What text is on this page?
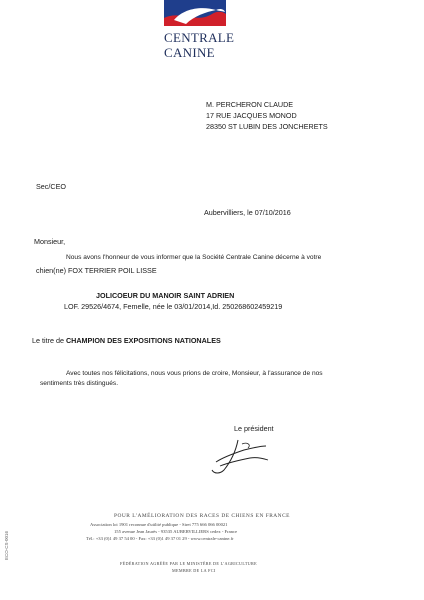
CENTRALE
CANINE
M. PERCHERON CLAUDE
17 RUE JACQUES MONOD
28350 ST LUBIN DES JONCHERETS
Sec/CEO
Aubervilliers, le 07/10/2016
Monsieur,
Nous avons l'honneur de vous informer que la Société Centrale Canine décerne à votre
chien(ne) FOX TERRIER POIL LISSE
JOLICOEUR DU MANOIR SAINT ADRIEN
LOF. 29526/4674, Femelle, née le 03/01/2014,Id. 250268602459219
Le titre de CHAMPION DES EXPOSITIONS NATIONALES
Avec toutes nos félicitations, nous vous prions de croire, Monsieur, à l'assurance de nos
sentiments très distingués.
Le président
POUR L'AMÉLIORATION DES RACES DE CHIENS EN FRANCE
Association loi 1901 reconnue d'utilité publique - Siret 775 666 066 00021
155 avenue Jean Jaurès - 93535 AUBERVILLIERS cedex - France
Tél.: +33 (0)1 49 37 54 00 - Fax: +33 (0)1 49 37 01 29 - www.centrale-canine.fr
FÉDÉRATION AGRÉÉE PAR LE MINISTÈRE DE L'AGRICULTURE
MEMBRE DE LA FCI
ECO-CS-0016
